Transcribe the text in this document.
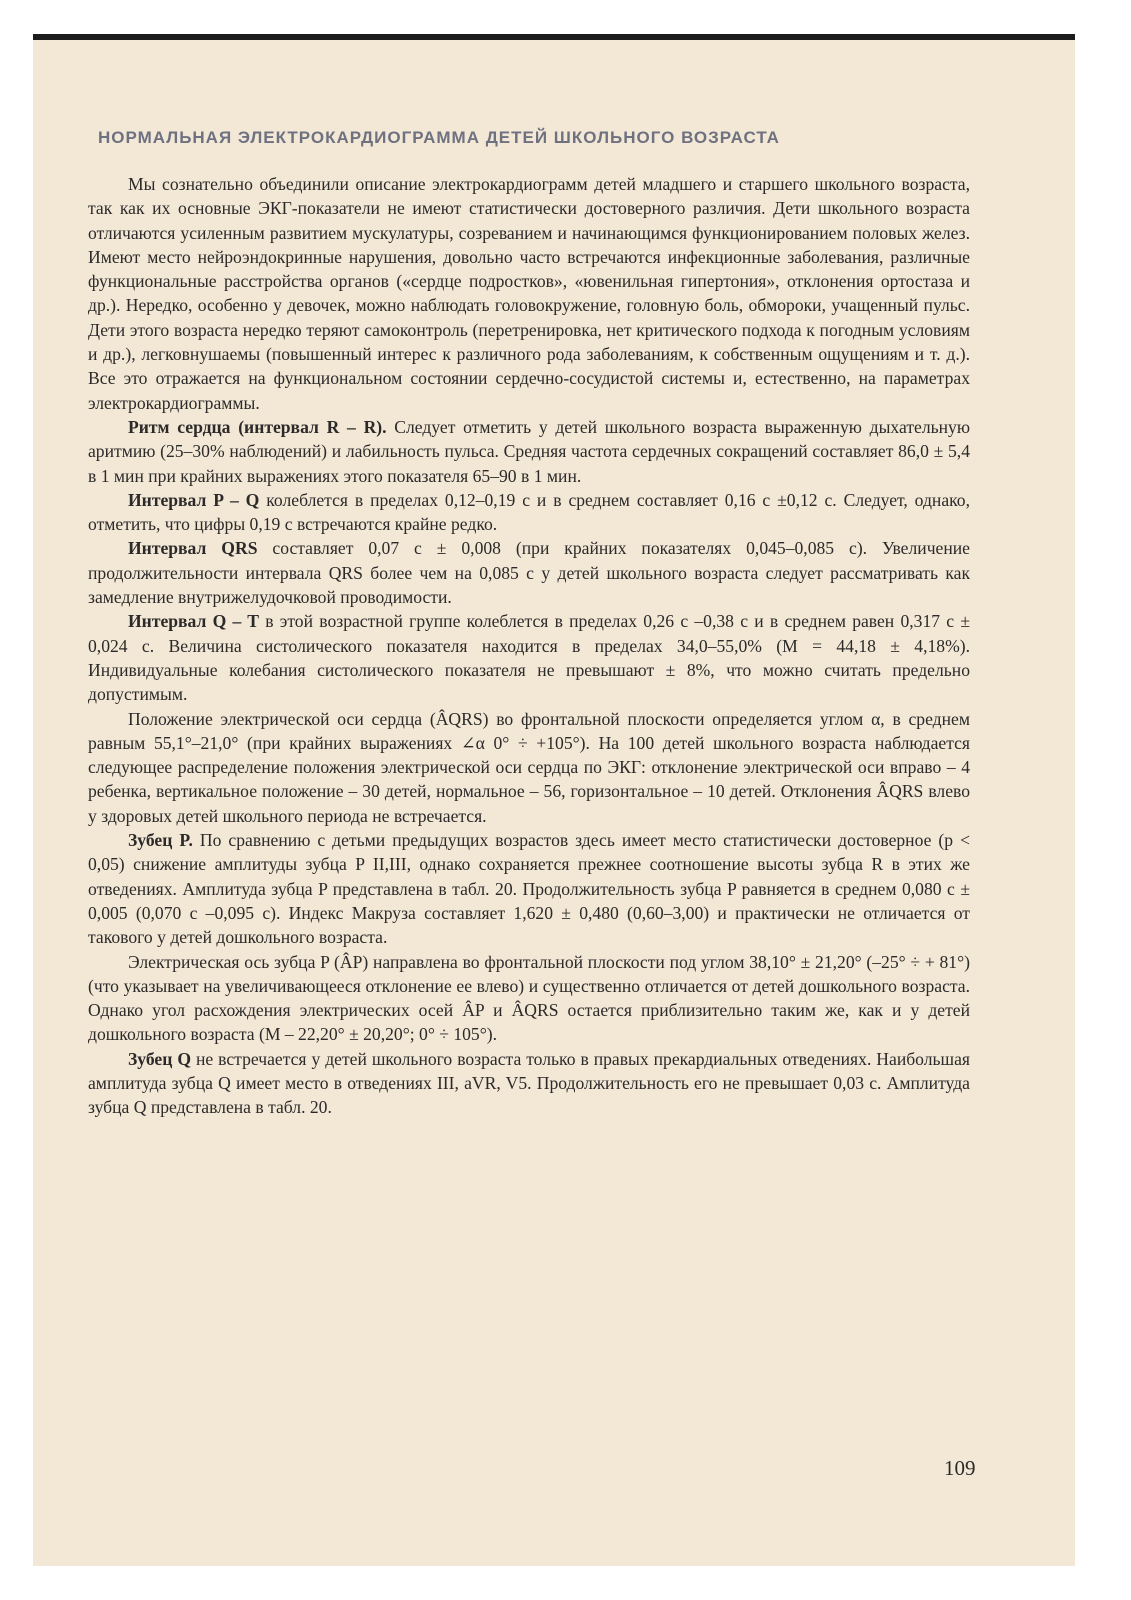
НОРМАЛЬНАЯ ЭЛЕКТРОКАРДИОГРАММА ДЕТЕЙ ШКОЛЬНОГО ВОЗРАСТА

Мы сознательно объединили описание электрокардиограмм детей младшего и старшего школьного возраста, так как их основные ЭКГ-показатели не имеют статистически достоверного различия. Дети школьного возраста отличаются усиленным развитием мускулатуры, созреванием и начинающимся функционированием половых желез. Имеют место нейроэндокринные нарушения, довольно часто встречаются инфекционные заболевания, различные функциональные расстройства органов («сердце подростков», «ювенильная гипертония», отклонения ортостаза и др.). Нередко, особенно у девочек, можно наблюдать головокружение, головную боль, обмороки, учащенный пульс. Дети этого возраста нередко теряют самоконтроль (перетренировка, нет критического подхода к погодным условиям и др.), легковнушаемы (повышенный интерес к различного рода заболеваниям, к собственным ощущениям и т. д.). Все это отражается на функциональном состоянии сердечно-сосудистой системы и, естественно, на параметрах электрокардиограммы.

Ритм сердца (интервал R – R). Следует отметить у детей школьного возраста выраженную дыхательную аритмию (25–30% наблюдений) и лабильность пульса. Средняя частота сердечных сокращений составляет 86,0 ± 5,4 в 1 мин при крайних выражениях этого показателя 65–90 в 1 мин.

Интервал P – Q колеблется в пределах 0,12–0,19 с и в среднем составляет 0,16 с ±0,12 с. Следует, однако, отметить, что цифры 0,19 с встречаются крайне редко.

Интервал QRS составляет 0,07 с ± 0,008 (при крайних показателях 0,045–0,085 с). Увеличение продолжительности интервала QRS более чем на 0,085 с у детей школьного возраста следует рассматривать как замедление внутрижелудочковой проводимости.

Интервал Q – T в этой возрастной группе колеблется в пределах 0,26 с –0,38 с и в среднем равен 0,317 с ± 0,024 с. Величина систолического показателя находится в пределах 34,0–55,0% (M = 44,18 ± 4,18%). Индивидуальные колебания систолического показателя не превышают ± 8%, что можно считать предельно допустимым.

Положение электрической оси сердца (ÂQRS) во фронтальной плоскости определяется углом α, в среднем равным 55,1°–21,0° (при крайних выражениях ∠α 0° ÷ +105°). На 100 детей школьного возраста наблюдается следующее распределение положения электрической оси сердца по ЭКГ: отклонение электрической оси вправо – 4 ребенка, вертикальное положение – 30 детей, нормальное – 56, горизонтальное – 10 детей. Отклонения ÂQRS влево у здоровых детей школьного периода не встречается.

Зубец P. По сравнению с детьми предыдущих возрастов здесь имеет место статистически достоверное (p < 0,05) снижение амплитуды зубца P II,III, однако сохраняется прежнее соотношение высоты зубца R в этих же отведениях. Амплитуда зубца P представлена в табл. 20. Продолжительность зубца P равняется в среднем 0,080 с ± 0,005 (0,070 с –0,095 с). Индекс Макруза составляет 1,620 ± 0,480 (0,60–3,00) и практически не отличается от такового у детей дошкольного возраста.

Электрическая ось зубца P (ÂP) направлена во фронтальной плоскости под углом 38,10° ± 21,20° (–25° ÷ + 81°) (что указывает на увеличивающееся отклонение ее влево) и существенно отличается от детей дошкольного возраста. Однако угол расхождения электрических осей ÂP и ÂQRS остается приблизительно таким же, как и у детей дошкольного возраста (M – 22,20° ± 20,20°; 0° ÷ 105°).

Зубец Q не встречается у детей школьного возраста только в правых прекардиальных отведениях. Наибольшая амплитуда зубца Q имеет место в отведениях III, aVR, V5. Продолжительность его не превышает 0,03 с. Амплитуда зубца Q представлена в табл. 20.

109
